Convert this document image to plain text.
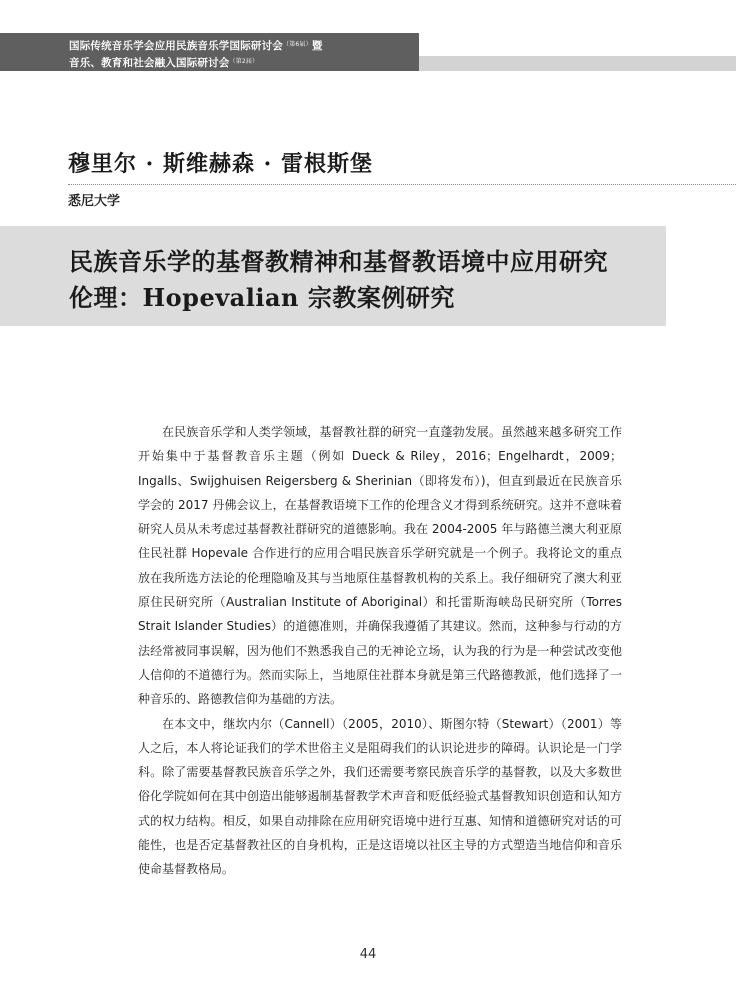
国际传统音乐学会应用民族音乐学国际研讨会$^{(第6届)}$暨
音乐、教育和社会融入国际研讨会$^{(第2届)}$
穆里尔 · 斯维赫森 · 雷根斯堡
悉尼大学
民族音乐学的基督教精神和基督教语境中应用研究
伦理：Hopevalian 宗教案例研究

在民族音乐学和人类学领域，基督教社群的研究一直蓬勃发展。虽然越来越多研究工作开始集中于基督教音乐主题（例如 Dueck & Riley，2016；Engelhardt，2009；Ingalls、Swijghuisen Reigersberg & Sherinian（即将发布）)，但直到最近在民族音乐学会的 2017 丹佛会议上，在基督教语境下工作的伦理含义才得到系统研究。这并不意味着研究人员从未考虑过基督教社群研究的道德影响。我在 2004-2005 年与路德兰澳大利亚原住民社群 Hopevale 合作进行的应用合唱民族音乐学研究就是一个例子。我将论文的重点放在我所选方法论的伦理隐喻及其与当地原住基督教机构的关系上。我仔细研究了澳大利亚原住民研究所（Australian Institute of Aboriginal）和托雷斯海峡岛民研究所（Torres Strait Islander Studies）的道德准则，并确保我遵循了其建议。然而，这种参与行动的方法经常被同事误解，因为他们不熟悉我自己的无神论立场，认为我的行为是一种尝试改变他人信仰的不道德行为。然而实际上，当地原住社群本身就是第三代路德教派，他们选择了一种音乐的、路德教信仰为基础的方法。

在本文中，继坎内尔（Cannell）（2005，2010）、斯图尔特（Stewart）（2001）等人之后，本人将论证我们的学术世俗主义是阻碍我们的认识论进步的障碍。认识论是一门学科。除了需要基督教民族音乐学之外，我们还需要考察民族音乐学的基督教，以及大多数世俗化学院如何在其中创造出能够遏制基督教学术声音和贬低经验式基督教知识创造和认知方式的权力结构。相反，如果自动排除在应用研究语境中进行互惠、知情和道德研究对话的可能性，也是否定基督教社区的自身机构，正是这语境以社区主导的方式塑造当地信仰和音乐使命基督教格局。

44
